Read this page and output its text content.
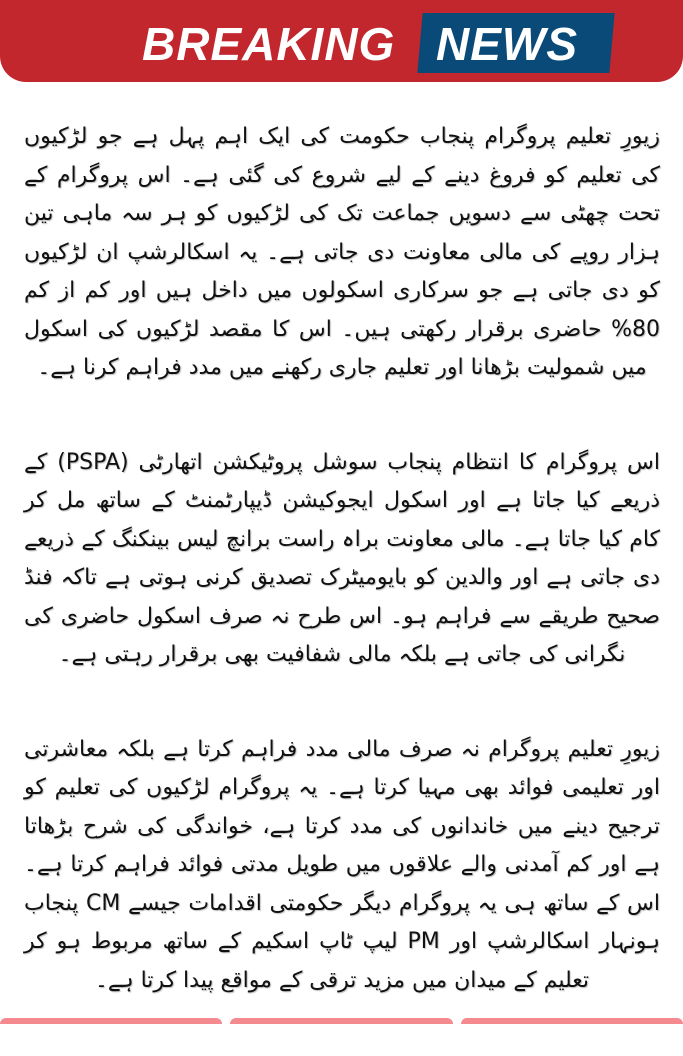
BREAKING NEWS

زیورِ تعلیم پروگرام پنجاب حکومت کی ایک اہم پہل ہے جو لڑکیوں کی تعلیم کو فروغ دینے کے لیے شروع کی گئی ہے۔ اس پروگرام کے تحت چھٹی سے دسویں جماعت تک کی لڑکیوں کو ہر سہ ماہی تین ہزار روپے کی مالی معاونت دی جاتی ہے۔ یہ اسکالرشپ ان لڑکیوں کو دی جاتی ہے جو سرکاری اسکولوں میں داخل ہیں اور کم از کم 80% حاضری برقرار رکھتی ہیں۔ اس کا مقصد لڑکیوں کی اسکول میں شمولیت بڑھانا اور تعلیم جاری رکھنے میں مدد فراہم کرنا ہے۔

اس پروگرام کا انتظام پنجاب سوشل پروٹیکشن اتھارٹی (PSPA) کے ذریعے کیا جاتا ہے اور اسکول ایجوکیشن ڈیپارٹمنٹ کے ساتھ مل کر کام کیا جاتا ہے۔ مالی معاونت براہ راست برانچ لیس بینکنگ کے ذریعے دی جاتی ہے اور والدین کو بایومیٹرک تصدیق کرنی ہوتی ہے تاکہ فنڈ صحیح طریقے سے فراہم ہو۔ اس طرح نہ صرف اسکول حاضری کی نگرانی کی جاتی ہے بلکہ مالی شفافیت بھی برقرار رہتی ہے۔

زیورِ تعلیم پروگرام نہ صرف مالی مدد فراہم کرتا ہے بلکہ معاشرتی اور تعلیمی فوائد بھی مہیا کرتا ہے۔ یہ پروگرام لڑکیوں کی تعلیم کو ترجیح دینے میں خاندانوں کی مدد کرتا ہے، خواندگی کی شرح بڑھاتا ہے اور کم آمدنی والے علاقوں میں طویل مدتی فوائد فراہم کرتا ہے۔ اس کے ساتھ ہی یہ پروگرام دیگر حکومتی اقدامات جیسے CM پنجاب ہونہار اسکالرشپ اور PM لیپ ٹاپ اسکیم کے ساتھ مربوط ہو کر تعلیم کے میدان میں مزید ترقی کے مواقع پیدا کرتا ہے۔
